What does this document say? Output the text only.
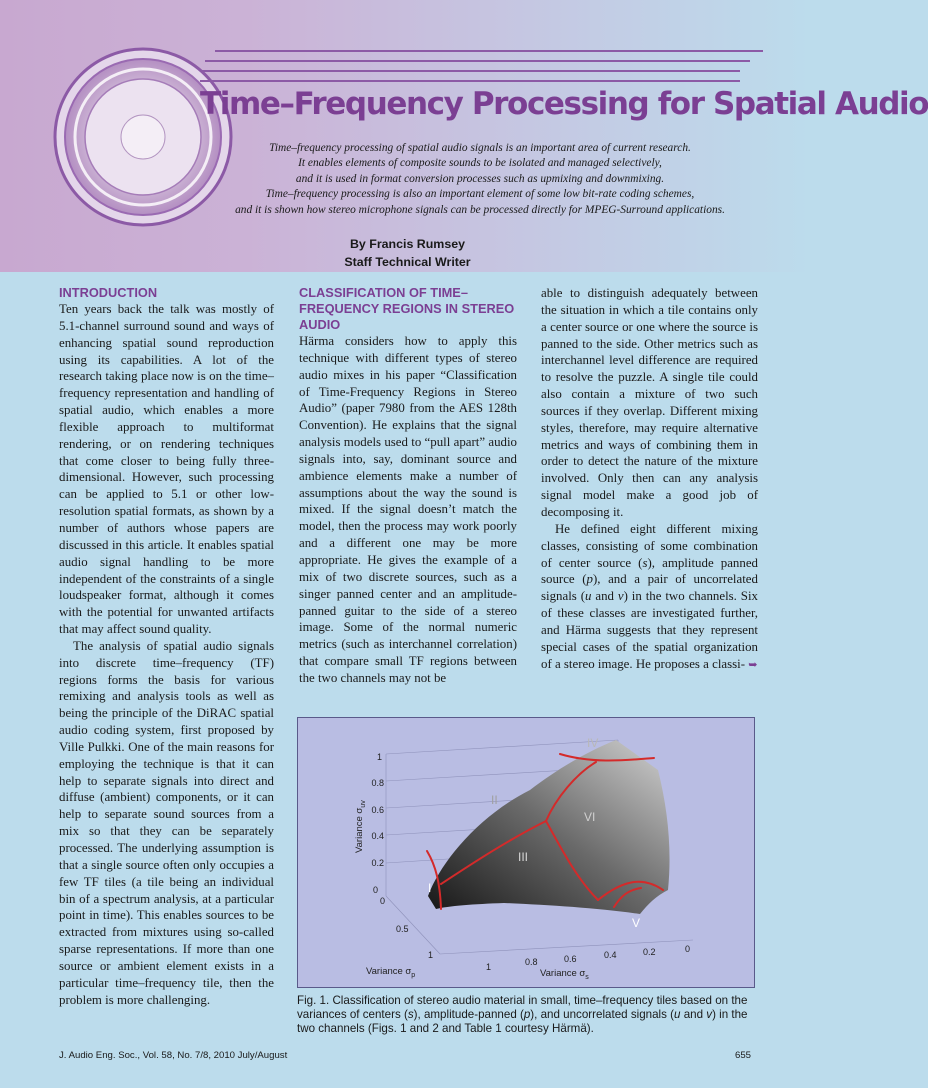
Time–Frequency Processing for Spatial Audio
Time–frequency processing of spatial audio signals is an important area of current research.
It enables elements of composite sounds to be isolated and managed selectively,
and it is used in format conversion processes such as upmixing and downmixing.
Time–frequency processing is also an important element of some low bit-rate coding schemes,
and it is shown how stereo microphone signals can be processed directly for MPEG-Surround applications.
By Francis Rumsey
Staff Technical Writer
INTRODUCTION

Ten years back the talk was mostly of 5.1-channel surround sound and ways of enhancing spatial sound reproduction using its capabilities. A lot of the research taking place now is on the time–frequency representation and handling of spatial audio, which enables a more flexible approach to multiformat rendering, or on rendering techniques that come closer to being fully three-dimensional. However, such processing can be applied to 5.1 or other low-resolution spatial formats, as shown by a number of authors whose papers are discussed in this article. It enables spatial audio signal handling to be more independent of the constraints of a single loudspeaker format, although it comes with the potential for unwanted artifacts that may affect sound quality.

The analysis of spatial audio signals into discrete time–frequency (TF) regions forms the basis for various remixing and analysis tools as well as being the principle of the DiRAC spatial audio coding system, first proposed by Ville Pulkki. One of the main reasons for employing the technique is that it can help to separate signals into direct and diffuse (ambient) components, or it can help to separate sound sources from a mix so that they can be separately processed. The underlying assumption is that a single source often only occupies a few TF tiles (a tile being an individual bin of a spectrum analysis, at a particular point in time). This enables sources to be extracted from mixtures using so-called sparse representations. If more than one source or ambient element exists in a particular time–frequency tile, then the problem is more challenging.

CLASSIFICATION OF TIME–FREQUENCY REGIONS IN STEREO AUDIO

Härma considers how to apply this technique with different types of stereo audio mixes in his paper “Classification of Time-Frequency Regions in Stereo Audio” (paper 7980 from the AES 128th Convention). He explains that the signal analysis models used to “pull apart” audio signals into, say, dominant source and ambience elements make a number of assumptions about the way the sound is mixed. If the signal doesn’t match the model, then the process may work poorly and a different one may be more appropriate. He gives the example of a mix of two discrete sources, such as a singer panned center and an amplitude-panned guitar to the side of a stereo image. Some of the normal numeric metrics (such as interchannel correlation) that compare small TF regions between the two channels may not be

able to distinguish adequately between the situation in which a tile contains only a center source or one where the source is panned to the side. Other metrics such as interchannel level difference are required to resolve the puzzle. A single tile could also contain a mixture of two such sources if they overlap. Different mixing styles, therefore, may require alternative metrics and ways of combining them in order to detect the nature of the mixture involved. Only then can any analysis signal model make a good job of decomposing it.

He defined eight different mixing classes, consisting of some combination of center source (s), amplitude panned source (p), and a pair of uncorrelated signals (u and v) in the two channels. Six of these classes are investigated further, and Härma suggests that they represent special cases of the spatial organization of a stereo image. He proposes a classi- ➥

I
II
III
IV
V
VI
0
0.2
0.4
0.6
0.8
1
0
0.5
1
1	0.8	0.6	0.4	0.2	0
Variance $\sigma_{uv}$
Variance $\sigma_p$	Variance $\sigma_s$
Fig. 1. Classification of stereo audio material in small, time–frequency tiles based on the variances of centers (s), amplitude-panned (p), and uncorrelated signals (u and v) in the two channels (Figs. 1 and 2 and Table 1 courtesy Härmä).
J. Audio Eng. Soc., Vol. 58, No. 7/8, 2010 July/August	655
